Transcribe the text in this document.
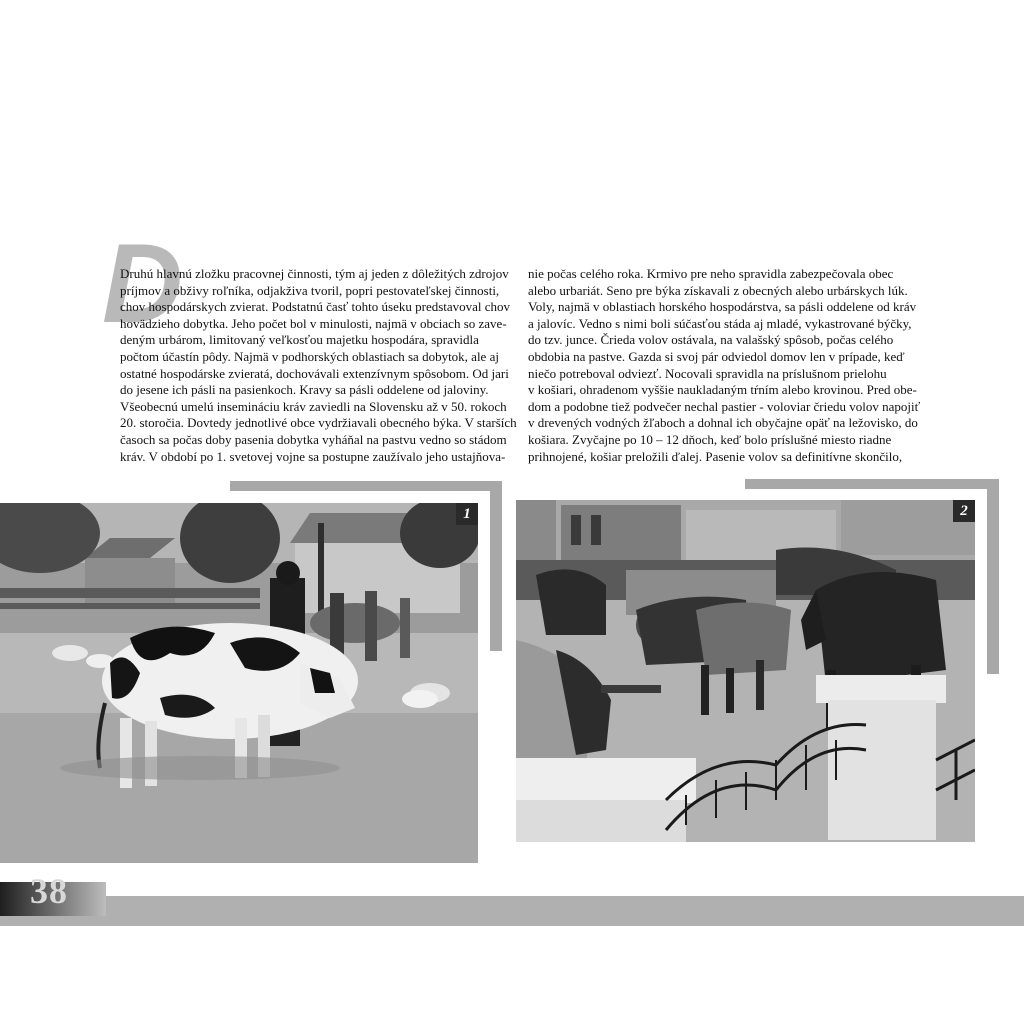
D
Druhú hlavnú zložku pracovnej činnosti, tým aj jeden z dôležitých zdrojov
príjmov a obživy roľníka, odjakživa tvoril, popri pestovateľskej činnosti,
chov hospodárskych zvierat. Podstatnú časť tohto úseku predstavoval chov
hovädzieho dobytka. Jeho počet bol v minulosti, najmä v obciach so zave-
deným urbárom, limitovaný veľkosťou majetku hospodára, spravidla
počtom účastín pôdy. Najmä v podhorských oblastiach sa dobytok, ale aj
ostatné hospodárske zvieratá, dochovávali extenzívnym spôsobom. Od jari
do jesene ich pásli na pasienkoch. Kravy sa pásli oddelene od jaloviny.
Všeobecnú umelú insemináciu kráv zaviedli na Slovensku až v 50. rokoch
20. storočia. Dovtedy jednotlivé obce vydržiavali obecného býka. V starších
časoch sa počas doby pasenia dobytka vyháňal na pastvu vedno so stádom
kráv. V období po 1. svetovej vojne sa postupne zaužívalo jeho ustajňova-
nie počas celého roka. Krmivo pre neho spravidla zabezpečovala obec
alebo urbariát. Seno pre býka získavali z obecných alebo urbárskych lúk.
Voly, najmä v oblastiach horského hospodárstva, sa pásli oddelene od kráv
a jalovíc. Vedno s nimi boli súčasťou stáda aj mladé, vykastrované býčky,
do tzv. junce. Črieda volov ostávala, na valašský spôsob, počas celého
obdobia na pastve. Gazda si svoj pár odviedol domov len v prípade, keď
niečo potreboval odviezť. Nocovali spravidla na príslušnom prielohu
v košiari, ohradenom vyššie naukladaným tŕním alebo krovinou. Pred obe-
dom a podobne tiež podvečer nechal pastier - voloviar čriedu volov napojiť
v drevených vodných žľaboch a dohnal ich obyčajne opäť na ležovisko, do
košiara. Zvyčajne po 10 – 12 dňoch, keď bolo príslušné miesto riadne
prihnojené, košiar preložili ďalej. Pasenie volov sa definitívne skončilo,
1	2
38
